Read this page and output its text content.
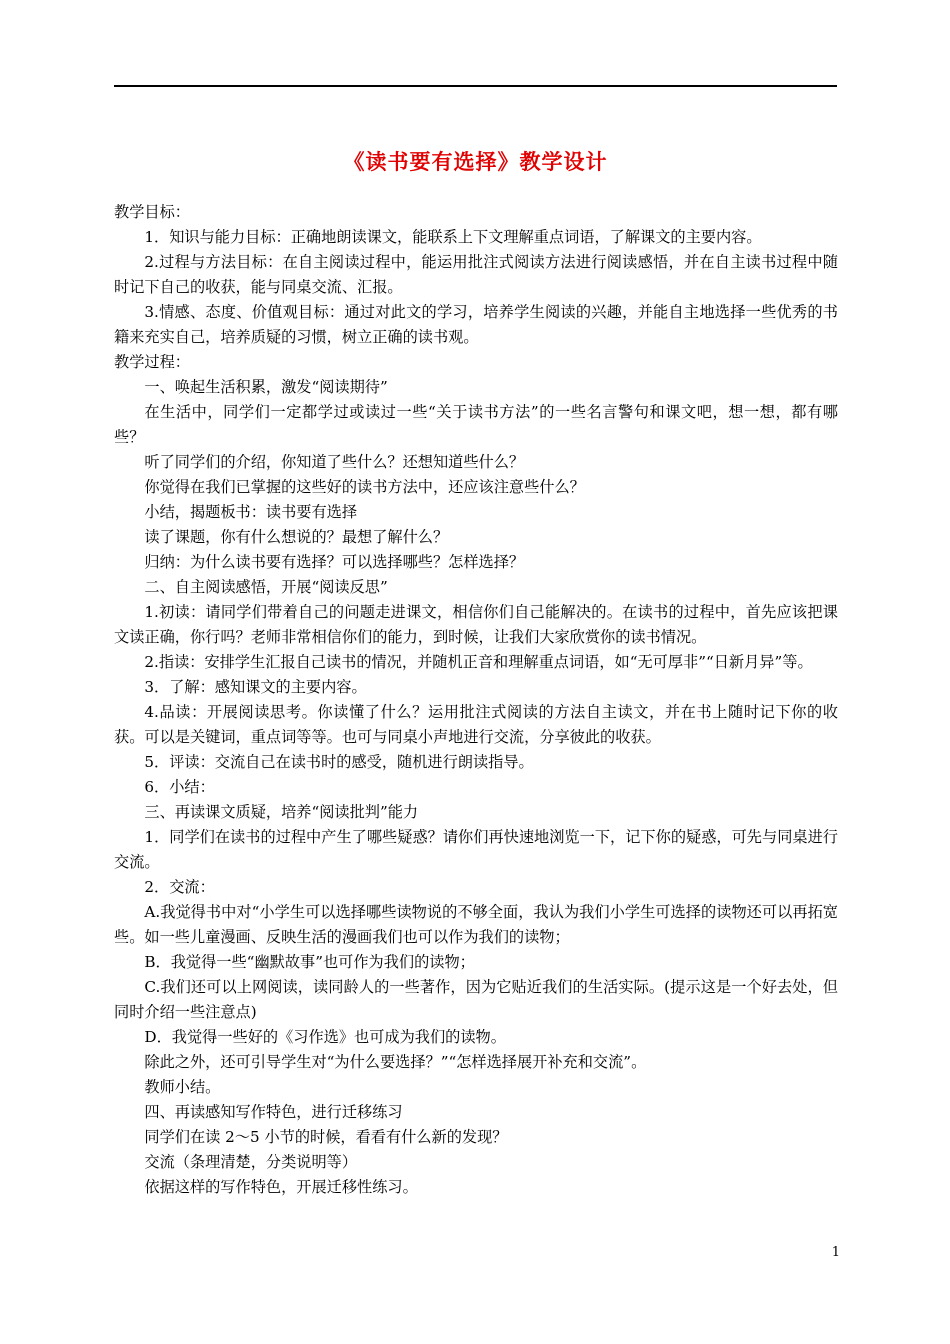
《读书要有选择》教学设计

教学目标：

1．知识与能力目标：正确地朗读课文，能联系上下文理解重点词语，了解课文的主要内容。

2.过程与方法目标：在自主阅读过程中，能运用批注式阅读方法进行阅读感悟，并在自主读书过程中随时记下自己的收获，能与同桌交流、汇报。

3.情感、态度、价值观目标：通过对此文的学习，培养学生阅读的兴趣，并能自主地选择一些优秀的书籍来充实自己，培养质疑的习惯，树立正确的读书观。

教学过程：

一、唤起生活积累，激发“阅读期待”

在生活中，同学们一定都学过或读过一些“关于读书方法”的一些名言警句和课文吧，想一想，都有哪些？

听了同学们的介绍，你知道了些什么？还想知道些什么？

你觉得在我们已掌握的这些好的读书方法中，还应该注意些什么？

小结，揭题板书：读书要有选择

读了课题，你有什么想说的？最想了解什么？

归纳：为什么读书要有选择？可以选择哪些？怎样选择？

二、自主阅读感悟，开展“阅读反思”

1.初读：请同学们带着自己的问题走进课文，相信你们自己能解决的。在读书的过程中，首先应该把课文读正确，你行吗？老师非常相信你们的能力，到时候，让我们大家欣赏你的读书情况。

2.指读：安排学生汇报自己读书的情况，并随机正音和理解重点词语，如“无可厚非”“日新月异”等。

3．了解：感知课文的主要内容。

4.品读：开展阅读思考。你读懂了什么？运用批注式阅读的方法自主读文，并在书上随时记下你的收获。可以是关键词，重点词等等。也可与同桌小声地进行交流，分享彼此的收获。

5．评读：交流自己在读书时的感受，随机进行朗读指导。

6．小结：

三、再读课文质疑，培养“阅读批判”能力

1．同学们在读书的过程中产生了哪些疑惑？请你们再快速地浏览一下，记下你的疑惑，可先与同桌进行交流。

2．交流：

A.我觉得书中对“小学生可以选择哪些读物说的不够全面，我认为我们小学生可选择的读物还可以再拓宽些。如一些儿童漫画、反映生活的漫画我们也可以作为我们的读物；

B．我觉得一些“幽默故事”也可作为我们的读物；

C.我们还可以上网阅读，读同龄人的一些著作，因为它贴近我们的生活实际。(提示这是一个好去处，但同时介绍一些注意点)

D．我觉得一些好的《习作选》也可成为我们的读物。

除此之外，还可引导学生对“为什么要选择？”“怎样选择展开补充和交流”。

教师小结。

四、再读感知写作特色，进行迁移练习

同学们在读 2～5 小节的时候，看看有什么新的发现？

交流（条理清楚，分类说明等）

依据这样的写作特色，开展迁移性练习。

1
